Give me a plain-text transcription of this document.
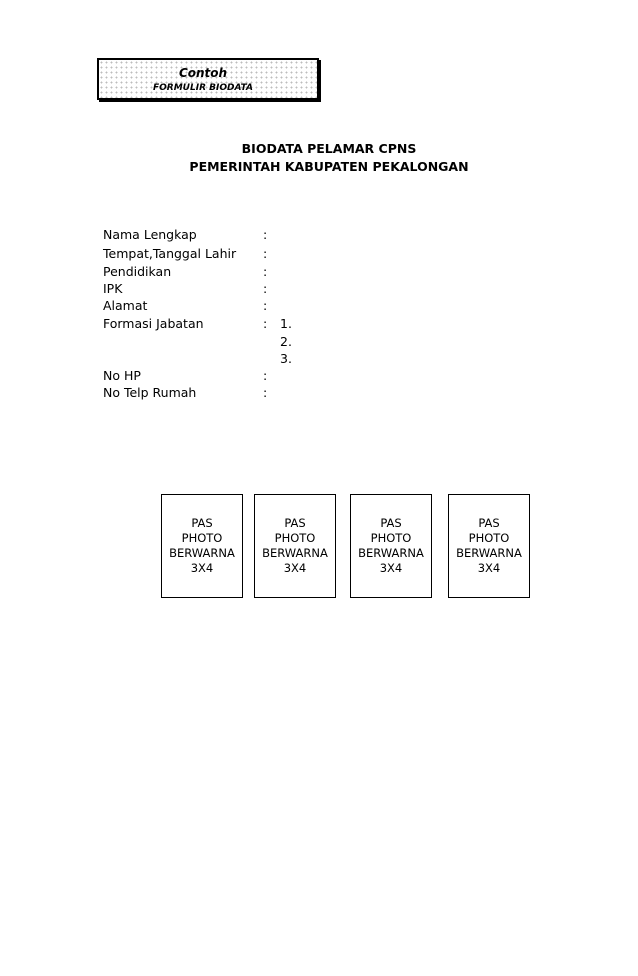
Contoh
FORMULIR BIODATA
BIODATA PELAMAR CPNS
PEMERINTAH KABUPATEN PEKALONGAN
Nama Lengkap	:
Tempat,Tanggal Lahir :
Pendidikan	:
IPK	:
Alamat	:
Formasi Jabatan	: 1.
2.
3.
No HP	:
No Telp Rumah	:
PAS
PHOTO
BERWARNA
3X4
PAS
PHOTO
BERWARNA
3X4
PAS
PHOTO
BERWARNA
3X4
PAS
PHOTO
BERWARNA
3X4
